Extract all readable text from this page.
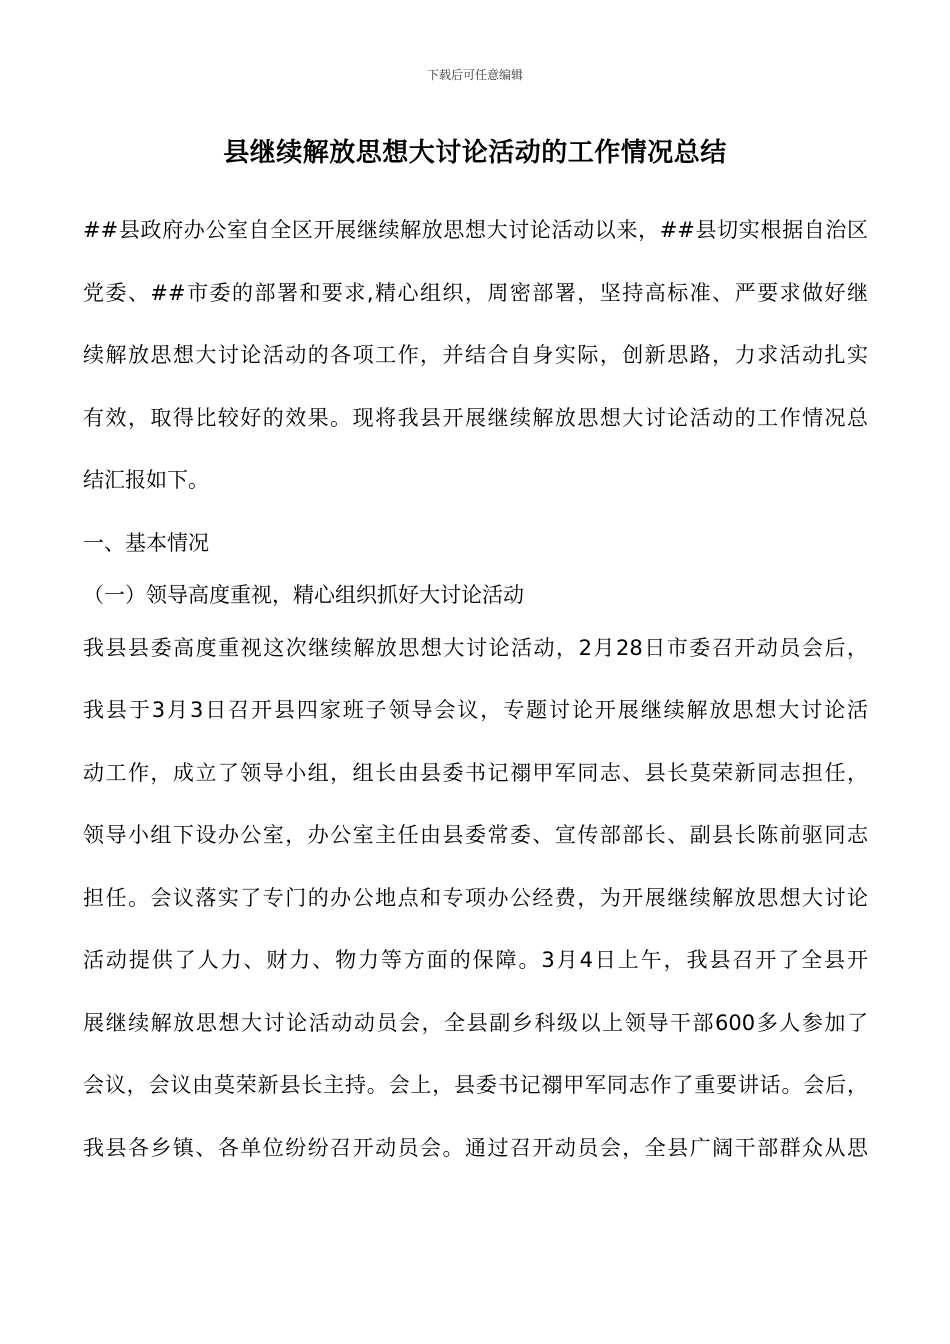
下载后可任意编辑
县继续解放思想大讨论活动的工作情况总结
##县政府办公室自全区开展继续解放思想大讨论活动以来，##县切实根据自治区
党委、##市委的部署和要求,精心组织，周密部署，坚持高标准、严要求做好继
续解放思想大讨论活动的各项工作，并结合自身实际，创新思路，力求活动扎实
有效，取得比较好的效果。现将我县开展继续解放思想大讨论活动的工作情况总
结汇报如下。
一、基本情况
（一）领导高度重视，精心组织抓好大讨论活动
我县县委高度重视这次继续解放思想大讨论活动，2月28日市委召开动员会后，
我县于3月3日召开县四家班子领导会议，专题讨论开展继续解放思想大讨论活
动工作，成立了领导小组，组长由县委书记禤甲军同志、县长莫荣新同志担任，
领导小组下设办公室，办公室主任由县委常委、宣传部部长、副县长陈前驱同志
担任。会议落实了专门的办公地点和专项办公经费，为开展继续解放思想大讨论
活动提供了人力、财力、物力等方面的保障。3月4日上午，我县召开了全县开
展继续解放思想大讨论活动动员会，全县副乡科级以上领导干部600多人参加了
会议，会议由莫荣新县长主持。会上，县委书记禤甲军同志作了重要讲话。会后，
我县各乡镇、各单位纷纷召开动员会。通过召开动员会，全县广阔干部群众从思
